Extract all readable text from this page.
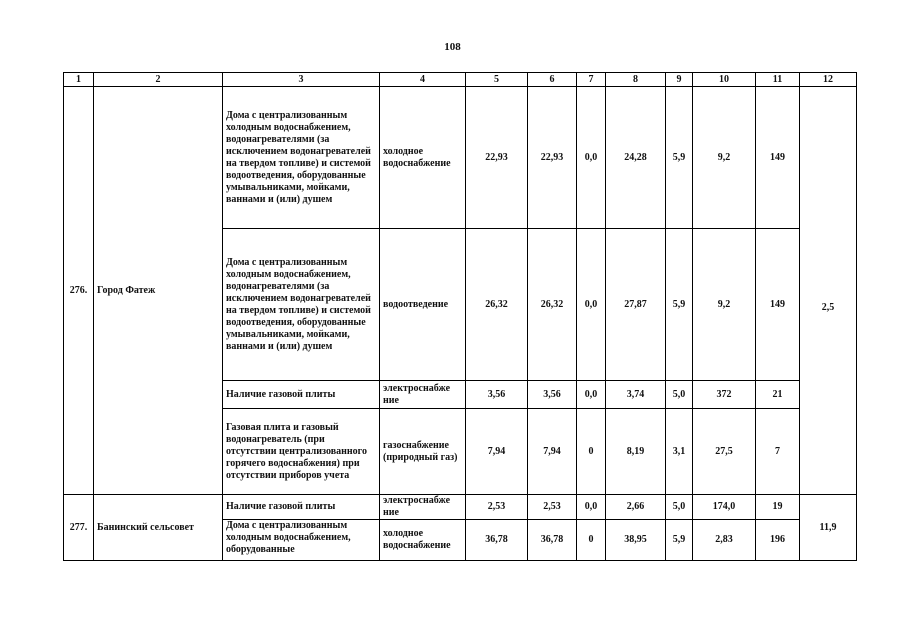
108
1	2	3	4	5	6	7	8	9	10	11	12
276.	Город Фатеж	Дома с централизованным холодным водоснабжением, водонагревателями (за исключением водонагревателей на твердом топливе) и системой водоотведения, оборудованные умывальниками, мойками, ваннами и (или) душем	холодное водоснабжение	22,93	22,93	0,0	24,28	5,9	9,2	149	2,5
		Дома с централизованным холодным водоснабжением, водонагревателями (за исключением водонагревателей на твердом топливе) и системой водоотведения, оборудованные умывальниками, мойками, ваннами и (или) душем	водоотведение	26,32	26,32	0,0	27,87	5,9	9,2	149	
		Наличие газовой плиты	электроснабже ние	3,56	3,56	0,0	3,74	5,0	372	21	
		Газовая плита и газовый водонагреватель (при отсутствии централизованного горячего водоснабжения) при отсутствии приборов учета	газоснабжение (природный газ)	7,94	7,94	0	8,19	3,1	27,5	7	
277.	Банинский сельсовет	Наличие газовой плиты	электроснабже ние	2,53	2,53	0,0	2,66	5,0	174,0	19	11,9
		Дома с централизованным холодным водоснабжением, оборудованные	холодное водоснабжение	36,78	36,78	0	38,95	5,9	2,83	196	
